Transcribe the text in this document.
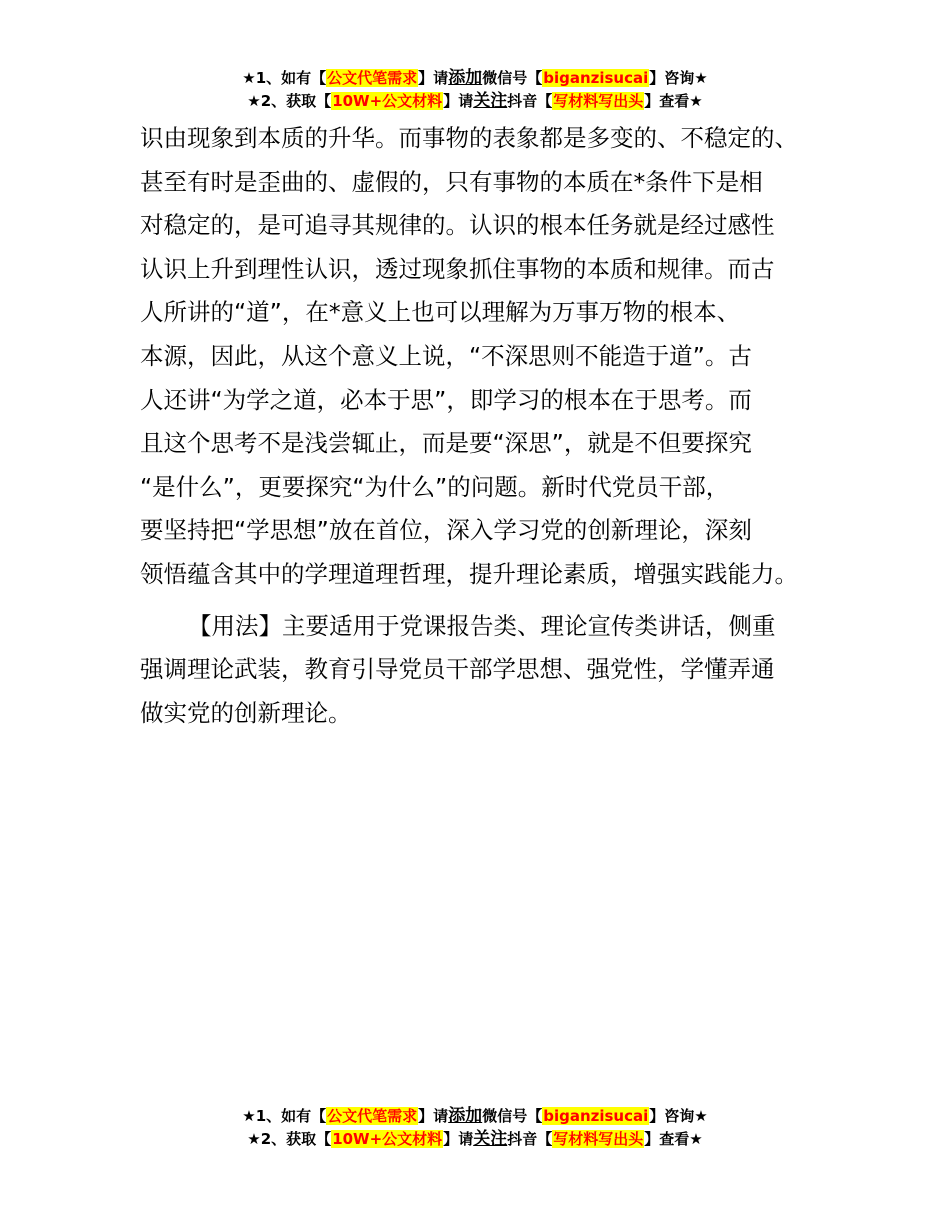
★1、如有【公文代笔需求】请添加微信号【biganzisucai】咨询★
★2、获取【10W+公文材料】请关注抖音【写材料写出头】查看★

识由现象到本质的升华。而事物的表象都是多变的、不稳定的、
甚至有时是歪曲的、虚假的，只有事物的本质在*条件下是相
对稳定的，是可追寻其规律的。认识的根本任务就是经过感性
认识上升到理性认识，透过现象抓住事物的本质和规律。而古
人所讲的“道”，在*意义上也可以理解为万事万物的根本、
本源，因此，从这个意义上说，“不深思则不能造于道”。古
人还讲“为学之道，必本于思”，即学习的根本在于思考。而
且这个思考不是浅尝辄止，而是要“深思”，就是不但要探究
“是什么”，更要探究“为什么”的问题。新时代党员干部，
要坚持把“学思想”放在首位，深入学习党的创新理论，深刻
领悟蕴含其中的学理道理哲理，提升理论素质，增强实践能力。

【用法】主要适用于党课报告类、理论宣传类讲话，侧重
强调理论武装，教育引导党员干部学思想、强党性，学懂弄通
做实党的创新理论。

★1、如有【公文代笔需求】请添加微信号【biganzisucai】咨询★
★2、获取【10W+公文材料】请关注抖音【写材料写出头】查看★
